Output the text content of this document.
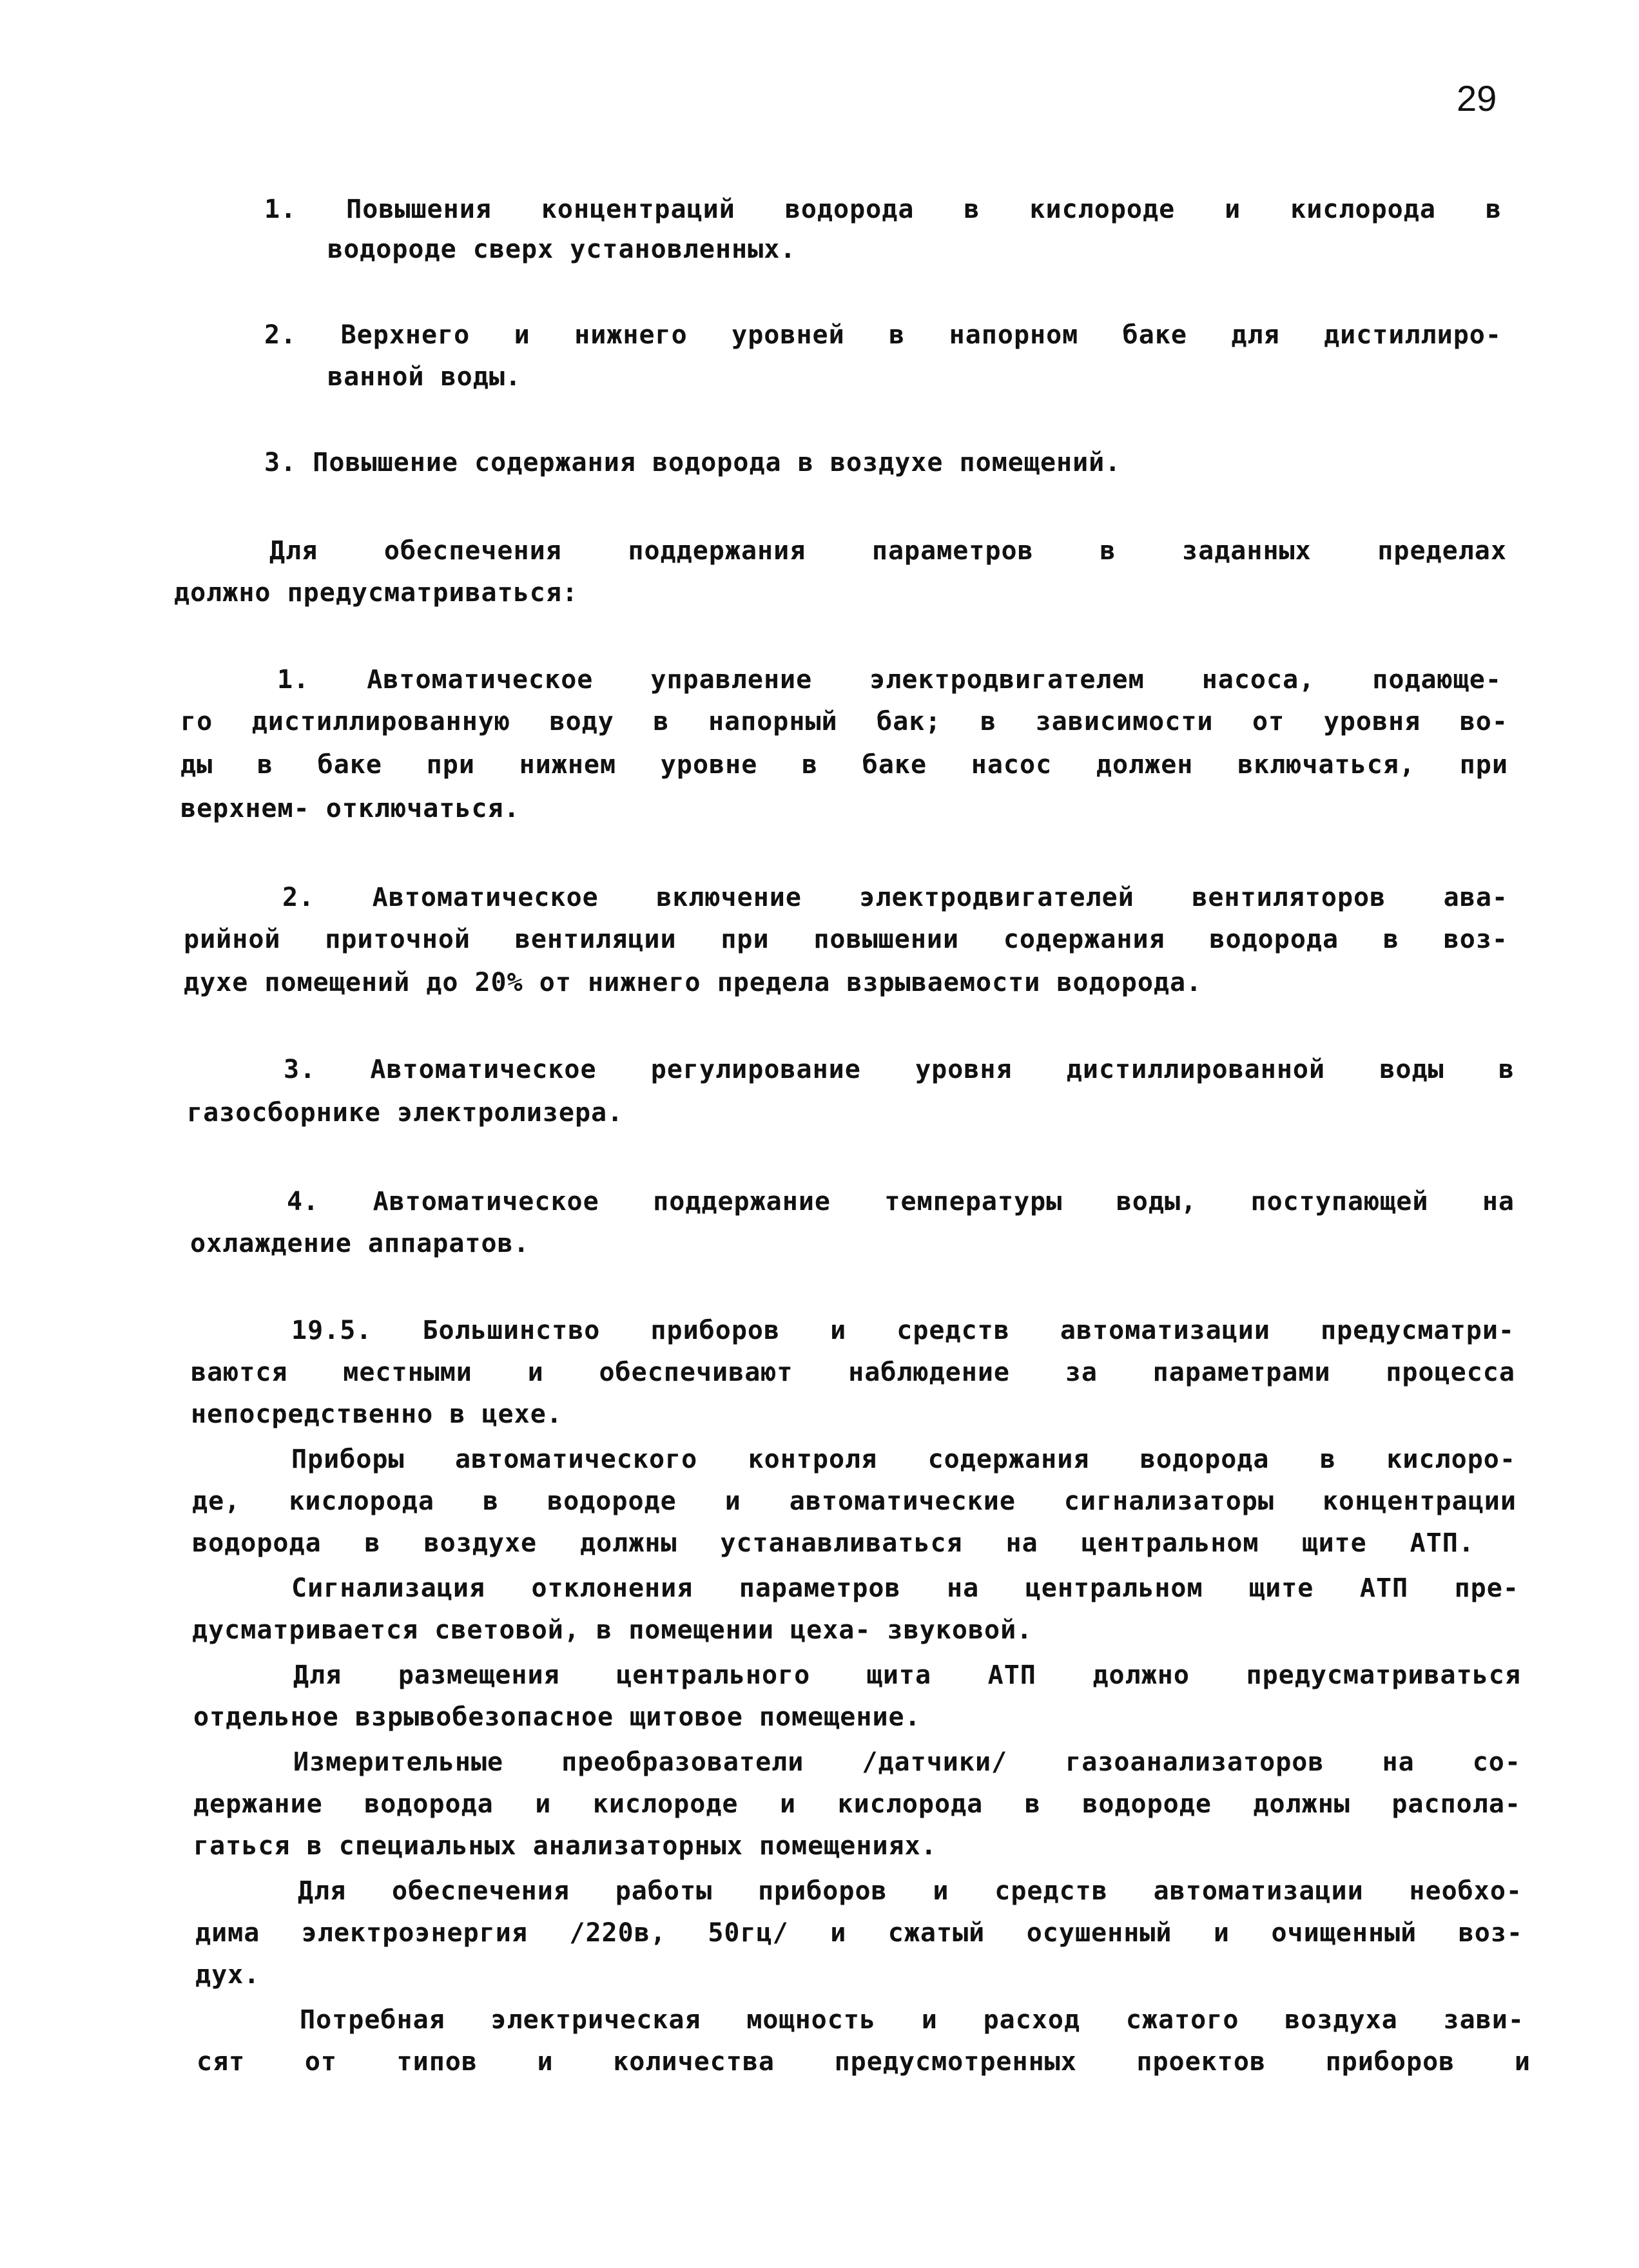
29
1. Повышения концентраций водорода в кислороде и кислорода в
водороде сверх установленных.
2. Верхнего и нижнего уровней в напорном баке для дистиллиро-
ванной воды.
3. Повышение содержания водорода в воздухе помещений.
Для	обеспечения	поддержания	параметров	в	заданных	пределах
должно предусматриваться:
1. Автоматическое управление электродвигателем насоса, подающе-
го дистиллированную воду в напорный бак; в зависимости от уровня во-
ды в баке при нижнем уровне в баке насос должен включаться, при
верхнем- отключаться.
2. Автоматическое включение электродвигателей вентиляторов ава-
рийной приточной вентиляции при повышении содержания водорода в воз-
духе помещений до 20% от нижнего предела взрываемости водорода.
3. Автоматическое регулирование уровня дистиллированной воды в
газосборнике электролизера.
4. Автоматическое поддержание температуры воды, поступающей на
охлаждение аппаратов.
19.5. Большинство приборов и средств автоматизации предусматри-
ваются местными и обеспечивают наблюдение за параметрами процесса
непосредственно в цехе.
Приборы автоматического контроля содержания водорода в кислоро-
де, кислорода в водороде и автоматические сигнализаторы концентрации
водорода в воздухе должны устанавливаться на центральном щите АТП.
Сигнализация отклонения параметров на центральном щите АТП пре-
дусматривается световой, в помещении цеха- звуковой.
Для размещения центрального щита АТП должно предусматриваться
отдельное взрывобезопасное щитовое помещение.
Измерительные преобразователи /датчики/ газоанализаторов на со-
держание водорода и кислороде и кислорода в водороде должны распола-
гаться в специальных анализаторных помещениях.
Для обеспечения работы приборов и средств автоматизации необхо-
дима электроэнергия /220в, 50гц/ и сжатый осушенный и очищенный воз-
дух.
Потребная электрическая мощность и расход сжатого воздуха зави-
сят от типов и количества предусмотренных проектов приборов и
